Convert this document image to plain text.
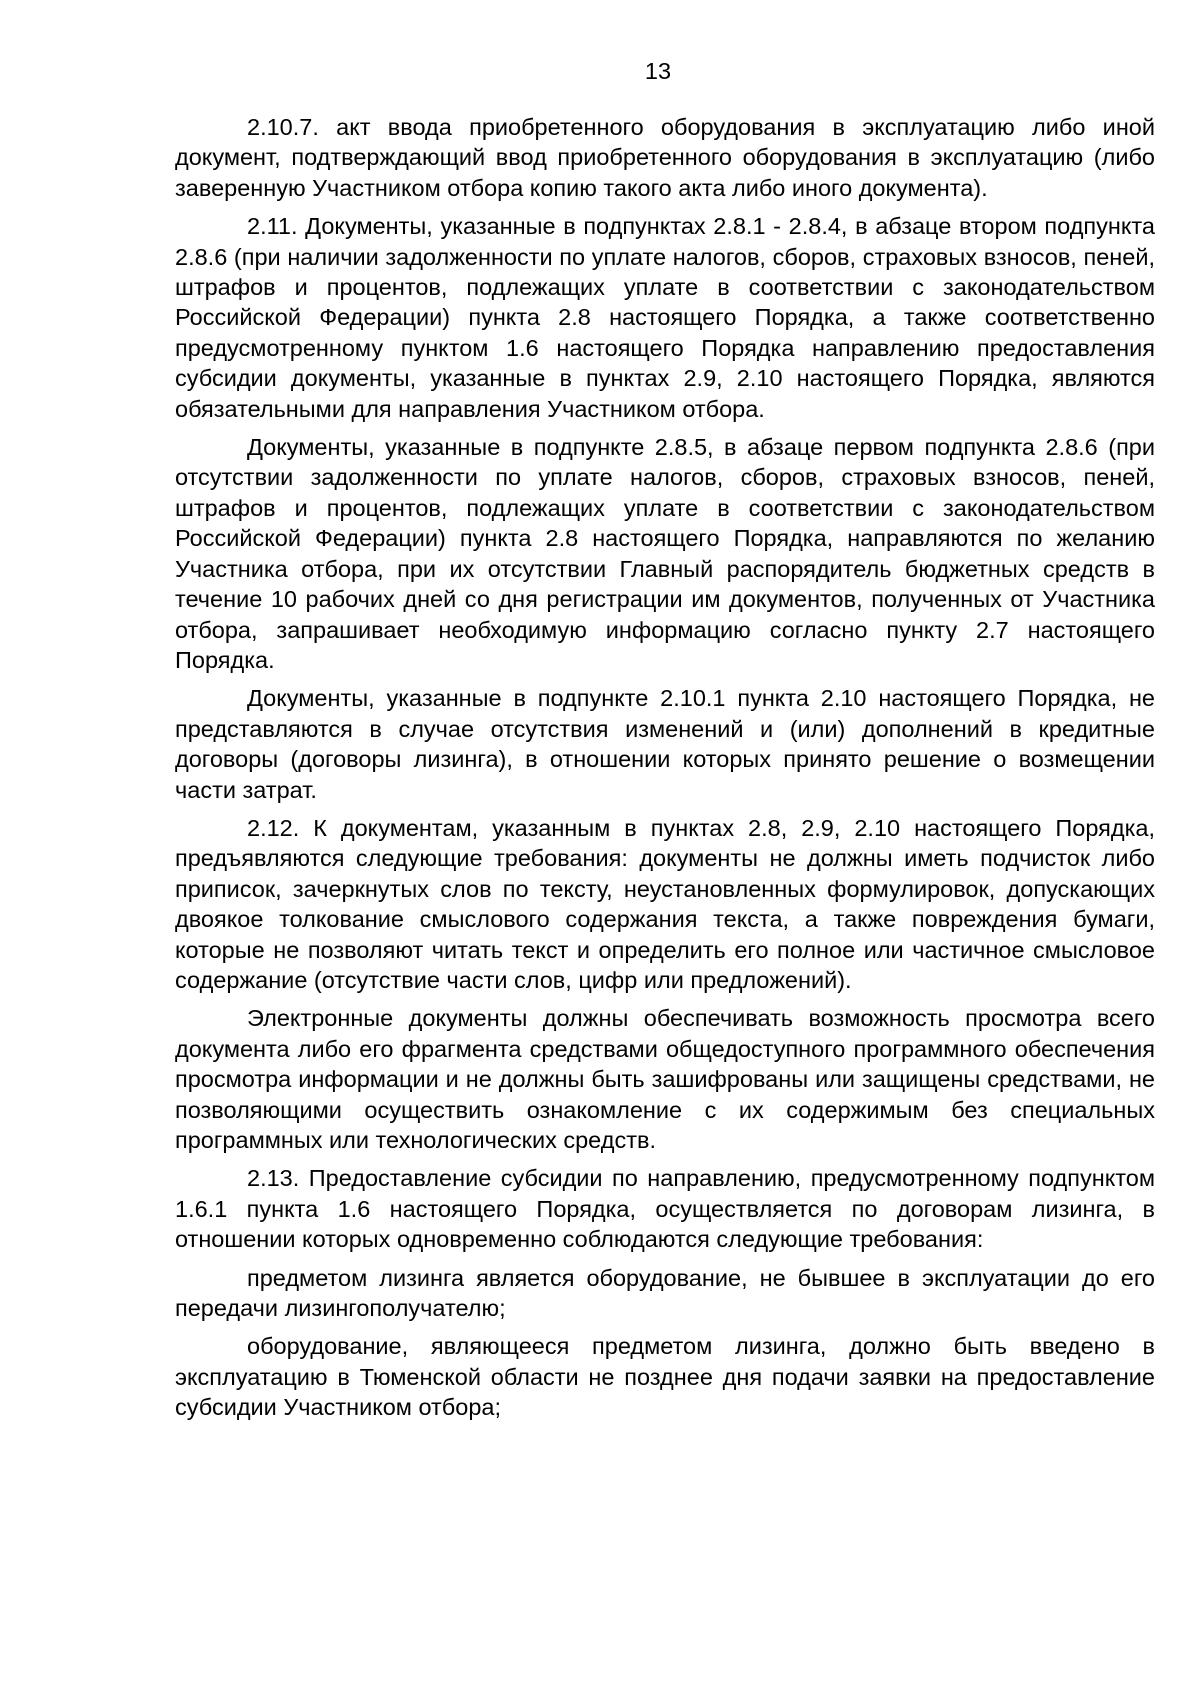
13

2.10.7. акт ввода приобретенного оборудования в эксплуатацию либо иной документ, подтверждающий ввод приобретенного оборудования в эксплуатацию (либо заверенную Участником отбора копию такого акта либо иного документа).

2.11. Документы, указанные в подпунктах 2.8.1 - 2.8.4, в абзаце втором подпункта 2.8.6 (при наличии задолженности по уплате налогов, сборов, страховых взносов, пеней, штрафов и процентов, подлежащих уплате в соответствии с законодательством Российской Федерации) пункта 2.8 настоящего Порядка, а также соответственно предусмотренному пунктом 1.6 настоящего Порядка направлению предоставления субсидии документы, указанные в пунктах 2.9, 2.10 настоящего Порядка, являются обязательными для направления Участником отбора.

Документы, указанные в подпункте 2.8.5, в абзаце первом подпункта 2.8.6 (при отсутствии задолженности по уплате налогов, сборов, страховых взносов, пеней, штрафов и процентов, подлежащих уплате в соответствии с законодательством Российской Федерации) пункта 2.8 настоящего Порядка, направляются по желанию Участника отбора, при их отсутствии Главный распорядитель бюджетных средств в течение 10 рабочих дней со дня регистрации им документов, полученных от Участника отбора, запрашивает необходимую информацию согласно пункту 2.7 настоящего Порядка.

Документы, указанные в подпункте 2.10.1 пункта 2.10 настоящего Порядка, не представляются в случае отсутствия изменений и (или) дополнений в кредитные договоры (договоры лизинга), в отношении которых принято решение о возмещении части затрат.

2.12. К документам, указанным в пунктах 2.8, 2.9, 2.10 настоящего Порядка, предъявляются следующие требования: документы не должны иметь подчисток либо приписок, зачеркнутых слов по тексту, неустановленных формулировок, допускающих двоякое толкование смыслового содержания текста, а также повреждения бумаги, которые не позволяют читать текст и определить его полное или частичное смысловое содержание (отсутствие части слов, цифр или предложений).

Электронные документы должны обеспечивать возможность просмотра всего документа либо его фрагмента средствами общедоступного программного обеспечения просмотра информации и не должны быть зашифрованы или защищены средствами, не позволяющими осуществить ознакомление с их содержимым без специальных программных или технологических средств.

2.13. Предоставление субсидии по направлению, предусмотренному подпунктом 1.6.1 пункта 1.6 настоящего Порядка, осуществляется по договорам лизинга, в отношении которых одновременно соблюдаются следующие требования:

предметом лизинга является оборудование, не бывшее в эксплуатации до его передачи лизингополучателю;

оборудование, являющееся предметом лизинга, должно быть введено в эксплуатацию в Тюменской области не позднее дня подачи заявки на предоставление субсидии Участником отбора;
